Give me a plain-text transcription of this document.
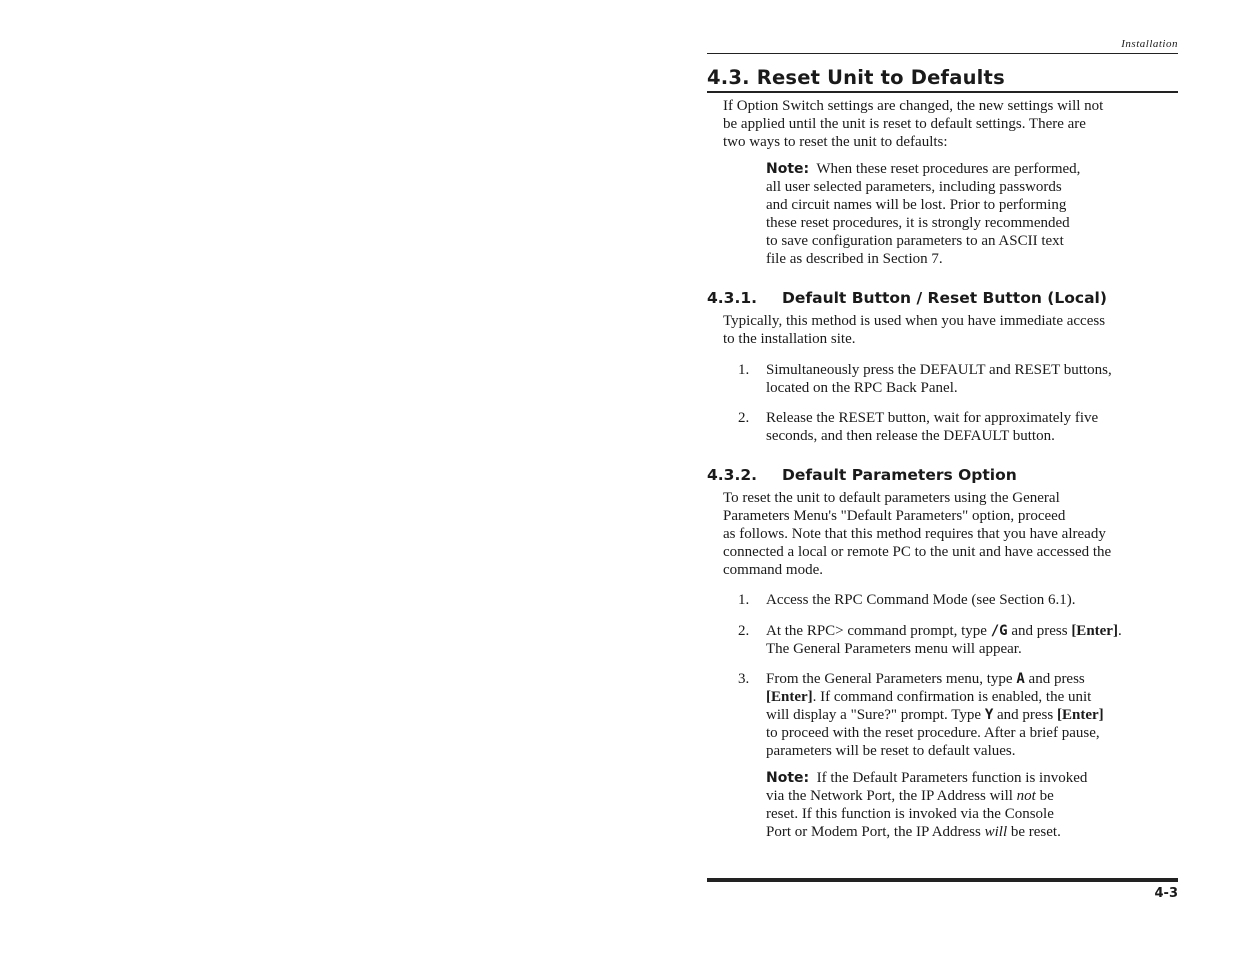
Installation
4.3. Reset Unit to Defaults
If Option Switch settings are changed, the new settings will not
be applied until the unit is reset to default settings. There are
two ways to reset the unit to defaults:
Note: When these reset procedures are performed,
all user selected parameters, including passwords
and circuit names will be lost. Prior to performing
these reset procedures, it is strongly recommended
to save configuration parameters to an ASCII text
file as described in Section 7.
4.3.1. Default Button / Reset Button (Local)
Typically, this method is used when you have immediate access
to the installation site.
1. Simultaneously press the DEFAULT and RESET buttons,
located on the RPC Back Panel.
2. Release the RESET button, wait for approximately five
seconds, and then release the DEFAULT button.
4.3.2. Default Parameters Option
To reset the unit to default parameters using the General
Parameters Menu's "Default Parameters" option, proceed
as follows. Note that this method requires that you have already
connected a local or remote PC to the unit and have accessed the
command mode.
1. Access the RPC Command Mode (see Section 6.1).
2. At the RPC> command prompt, type /G and press [Enter].
The General Parameters menu will appear.
3. From the General Parameters menu, type A and press
[Enter]. If command confirmation is enabled, the unit
will display a "Sure?" prompt. Type Y and press [Enter]
to proceed with the reset procedure. After a brief pause,
parameters will be reset to default values.
Note: If the Default Parameters function is invoked
via the Network Port, the IP Address will not be
reset. If this function is invoked via the Console
Port or Modem Port, the IP Address will be reset.
4-3
